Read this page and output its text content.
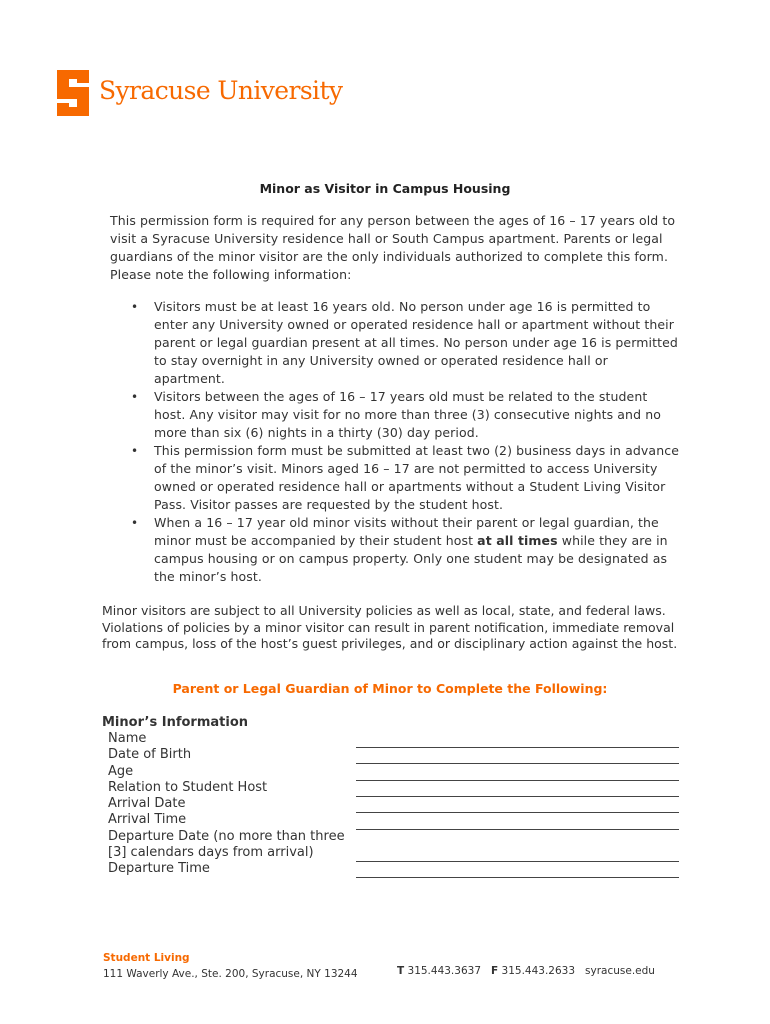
Syracuse University
Minor as Visitor in Campus Housing
This permission form is required for any person between the ages of 16 – 17 years old to visit a Syracuse University residence hall or South Campus apartment. Parents or legal guardians of the minor visitor are the only individuals authorized to complete this form. Please note the following information:
• Visitors must be at least 16 years old. No person under age 16 is permitted to enter any University owned or operated residence hall or apartment without their parent or legal guardian present at all times. No person under age 16 is permitted to stay overnight in any University owned or operated residence hall or apartment.
• Visitors between the ages of 16 – 17 years old must be related to the student host. Any visitor may visit for no more than three (3) consecutive nights and no more than six (6) nights in a thirty (30) day period.
• This permission form must be submitted at least two (2) business days in advance of the minor’s visit. Minors aged 16 – 17 are not permitted to access University owned or operated residence hall or apartments without a Student Living Visitor Pass. Visitor passes are requested by the student host.
• When a 16 – 17 year old minor visits without their parent or legal guardian, the minor must be accompanied by their student host at all times while they are in campus housing or on campus property. Only one student may be designated as the minor’s host.
Minor visitors are subject to all University policies as well as local, state, and federal laws. Violations of policies by a minor visitor can result in parent notification, immediate removal from campus, loss of the host’s guest privileges, and or disciplinary action against the host.
Parent or Legal Guardian of Minor to Complete the Following:
Minor’s Information
Name
Date of Birth
Age
Relation to Student Host
Arrival Date
Arrival Time
Departure Date (no more than three
[3] calendars days from arrival)
Departure Time
Student Living
111 Waverly Ave., Ste. 200, Syracuse, NY 13244	T 315.443.3637 F 315.443.2633 syracuse.edu
